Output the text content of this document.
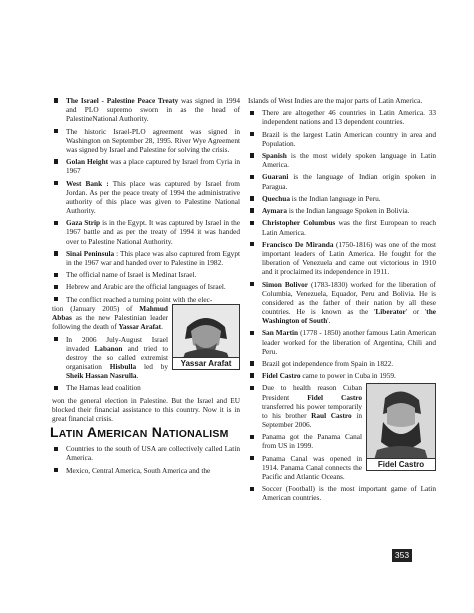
The Israel - Palestine Peace Treaty was signed in 1994 and PLO supremo sworn in as the head of PalestineNational Authority.
The historic Israel-PLO agreement was signed in Washington on September 28, 1995. River Wye Agreement was signed by Israel and Palestine for solving the crisis.
Golan Height was a place captured by Israel from Cyria in 1967
West Bank : This place was captured by Israel from Jordan. As per the peace treaty of 1994 the administrative authority of this place was given to Palestine National Authority.
Gaza Strip is in the Egypt. It was captured by Israel in the 1967 battle and as per the treaty of 1994 it was handed over to Palestine National Authority.
Sinai Peninsula : This place was also captured from Egypt in the 1967 war and handed over to Palestine in 1982.
The official name of Israel is Medinat Israel.
Hebrew and Arabic are the official languages of Israel.
The conflict reached a turning point with the elec-
Yassar Arafat
tion (January 2005) of Mahmud Abbas as the new Palestinian leader following the death of Yassar Arafat.
In 2006 July-August Israel invaded Labanon and tried to destroy the so called extremist organisation Hisbulla led by Sheik Hassan Nasrulla.
The Hamas lead coalition
won the general election in Palestine. But the Israel and EU blocked their financial assistance to this country. Now it is in great financial crisis.
LATIN AMERICAN NATIONALISM
Countries to the south of USA are collectively called Latin America.
Mexico, Central America, South America and the
Islands of West Indies are the major parts of Latin America.
There are altogether 46 countries in Latin America. 33 independent nations and 13 dependent countries.
Brazil is the largest Latin American country in area and Population.
Spanish is the most widely spoken language in Latin America.
Guarani is the language of Indian origin spoken in Paragua.
Quechua is the Indian language in Peru.
Aymara is the Indian language Spoken in Bolivia.
Christopher Columbus was the first European to reach Latin America.
Francisco De Miranda (1750-1816) was one of the most important leaders of Latin America. He fought for the liberation of Venezuela and came out victorious in 1910 and it proclaimed its independence in 1911.
Simon Bolivor (1783-1830) worked for the liberation of Columbia, Venezuela, Equador, Peru and Bolivia. He is considered as the father of their nation by all these countries. He is known as the 'Liberator' or 'the Washington of South'.
San Martin (1778 - 1850) another famous Latin American leader worked for the liberation of Argentina, Chili and Peru.
Brazil got independence from Spain in 1822.
Fidel Castro came to power in Cuba in 1959.
Fidel Castro
Due to health reason Cuban President Fidel Castro transferred his power temporarily to his brother Raul Castro in September 2006.
Panama got the Panama Canal from US in 1999.
Panama Canal was opened in 1914. Panama Canal connects the Pacific and Atlantic Oceans.
Soccer (Football) is the most important game of Latin American countries.
353
